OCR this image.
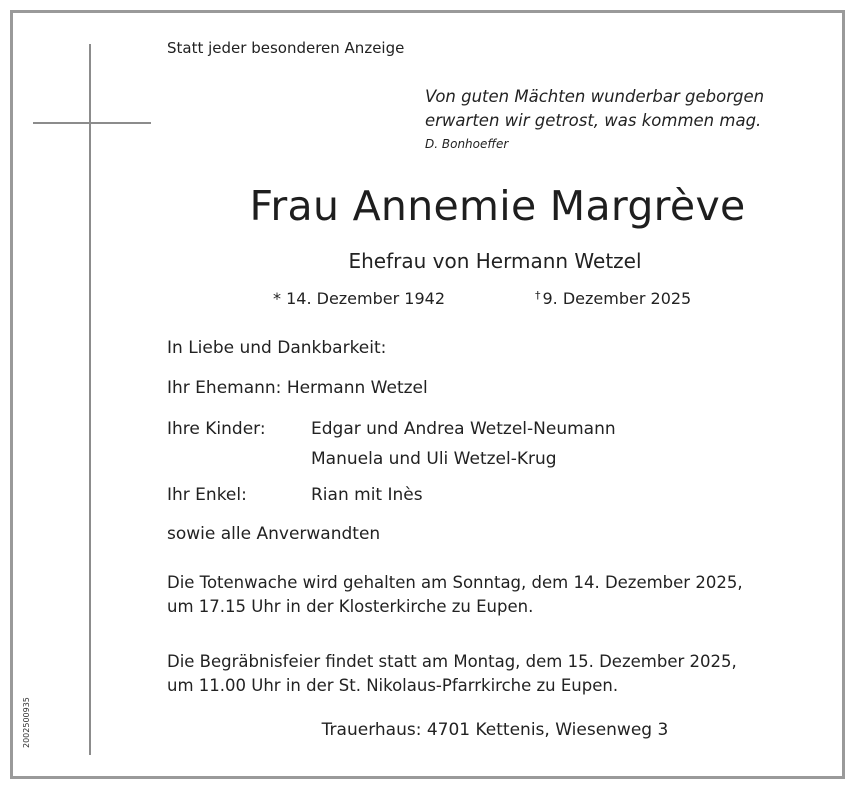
Statt jeder besonderen Anzeige
Von guten Mächten wunderbar geborgen
erwarten wir getrost, was kommen mag.
D. Bonhoeffer
Frau Annemie Margrève
Ehefrau von Hermann Wetzel
* 14. Dezember 1942	† 9. Dezember 2025
In Liebe und Dankbarkeit:
Ihr Ehemann: Hermann Wetzel
Ihre Kinder:	Edgar und Andrea Wetzel-Neumann
Manuela und Uli Wetzel-Krug
Ihr Enkel:	Rian mit Inès
sowie alle Anverwandten
Die Totenwache wird gehalten am Sonntag, dem 14. Dezember 2025,
um 17.15 Uhr in der Klosterkirche zu Eupen.
Die Begräbnisfeier findet statt am Montag, dem 15. Dezember 2025,
um 11.00 Uhr in der St. Nikolaus-Pfarrkirche zu Eupen.
Trauerhaus: 4701 Kettenis, Wiesenweg 3
2002500935
